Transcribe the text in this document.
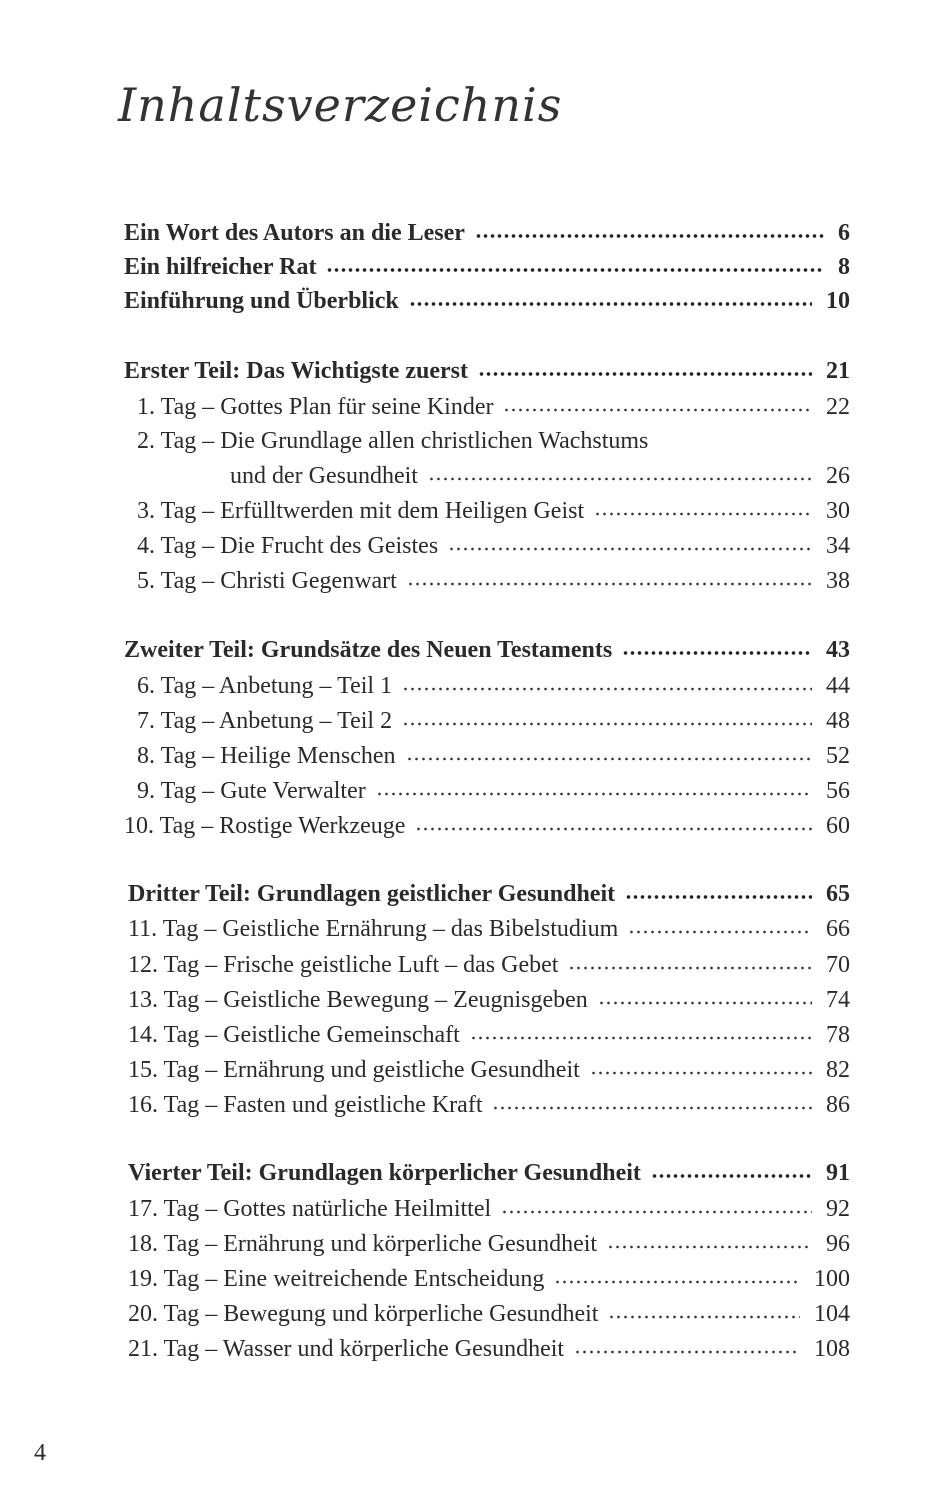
Inhaltsverzeichnis
Ein Wort des Autors an die Leser	6
Ein hilfreicher Rat	8
Einführung und Überblick	10
Erster Teil: Das Wichtigste zuerst	21
1. Tag – Gottes Plan für seine Kinder	22
2. Tag – Die Grundlage allen christlichen Wachstums
und der Gesundheit	26
3. Tag – Erfülltwerden mit dem Heiligen Geist	30
4. Tag – Die Frucht des Geistes	34
5. Tag – Christi Gegenwart	38
Zweiter Teil: Grundsätze des Neuen Testaments	43
6. Tag – Anbetung – Teil 1	44
7. Tag – Anbetung – Teil 2	48
8. Tag – Heilige Menschen	52
9. Tag – Gute Verwalter	56
10. Tag – Rostige Werkzeuge	60
Dritter Teil: Grundlagen geistlicher Gesundheit	65
11. Tag – Geistliche Ernährung – das Bibelstudium	66
12. Tag – Frische geistliche Luft – das Gebet	70
13. Tag – Geistliche Bewegung – Zeugnisgeben	74
14. Tag – Geistliche Gemeinschaft	78
15. Tag – Ernährung und geistliche Gesundheit	82
16. Tag – Fasten und geistliche Kraft	86
Vierter Teil: Grundlagen körperlicher Gesundheit	91
17. Tag – Gottes natürliche Heilmittel	92
18. Tag – Ernährung und körperliche Gesundheit	96
19. Tag – Eine weitreichende Entscheidung	100
20. Tag – Bewegung und körperliche Gesundheit	104
21. Tag – Wasser und körperliche Gesundheit	108
4
